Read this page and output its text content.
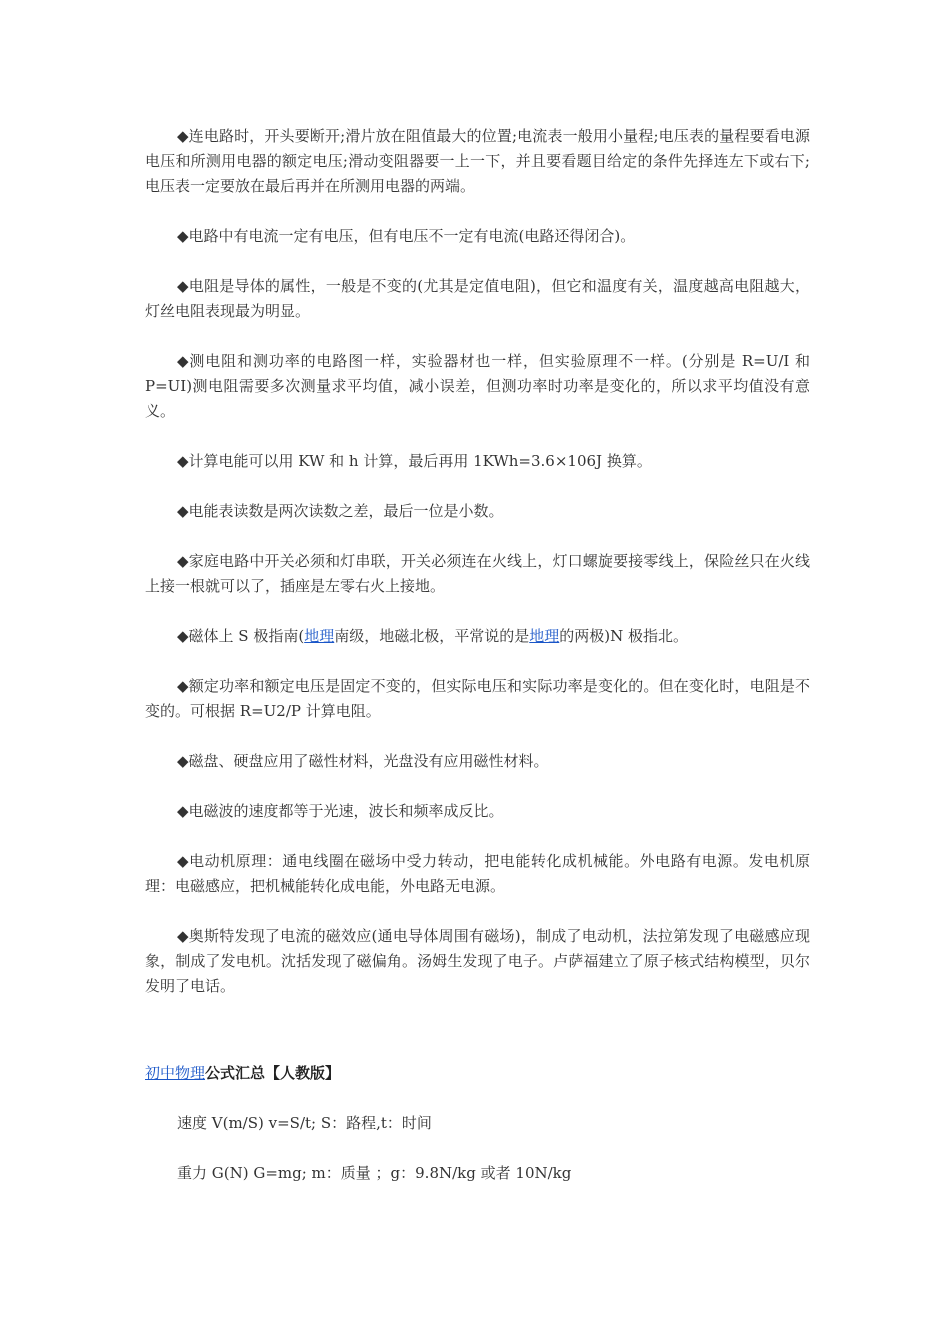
◆连电路时，开头要断开;滑片放在阻值最大的位置;电流表一般用小量程;电压表的量程要看电源电压和所测用电器的额定电压;滑动变阻器要一上一下，并且要看题目给定的条件先择连左下或右下;电压表一定要放在最后再并在所测用电器的两端。

◆电路中有电流一定有电压，但有电压不一定有电流(电路还得闭合)。

◆电阻是导体的属性，一般是不变的(尤其是定值电阻)，但它和温度有关，温度越高电阻越大，灯丝电阻表现最为明显。

◆测电阻和测功率的电路图一样，实验器材也一样，但实验原理不一样。(分别是 R=U/I 和 P=UI)测电阻需要多次测量求平均值，减小误差，但测功率时功率是变化的，所以求平均值没有意义。

◆计算电能可以用 KW 和 h 计算，最后再用 1KWh=3.6×106J 换算。

◆电能表读数是两次读数之差，最后一位是小数。

◆家庭电路中开关必须和灯串联，开关必须连在火线上，灯口螺旋要接零线上，保险丝只在火线上接一根就可以了，插座是左零右火上接地。

◆磁体上 S 极指南(地理南级，地磁北极，平常说的是地理的两极)N 极指北。

◆额定功率和额定电压是固定不变的，但实际电压和实际功率是变化的。但在变化时，电阻是不变的。可根据 R=U2/P 计算电阻。

◆磁盘、硬盘应用了磁性材料，光盘没有应用磁性材料。

◆电磁波的速度都等于光速，波长和频率成反比。

◆电动机原理：通电线圈在磁场中受力转动，把电能转化成机械能。外电路有电源。发电机原理：电磁感应，把机械能转化成电能，外电路无电源。

◆奥斯特发现了电流的磁效应(通电导体周围有磁场)，制成了电动机，法拉第发现了电磁感应现象，制成了发电机。沈括发现了磁偏角。汤姆生发现了电子。卢萨福建立了原子核式结构模型，贝尔发明了电话。

初中物理公式汇总【人教版】

速度 V(m/S) v=S/t; S：路程,t：时间

重力 G(N) G=mg; m：质量 ；g：9.8N/kg 或者 10N/kg
